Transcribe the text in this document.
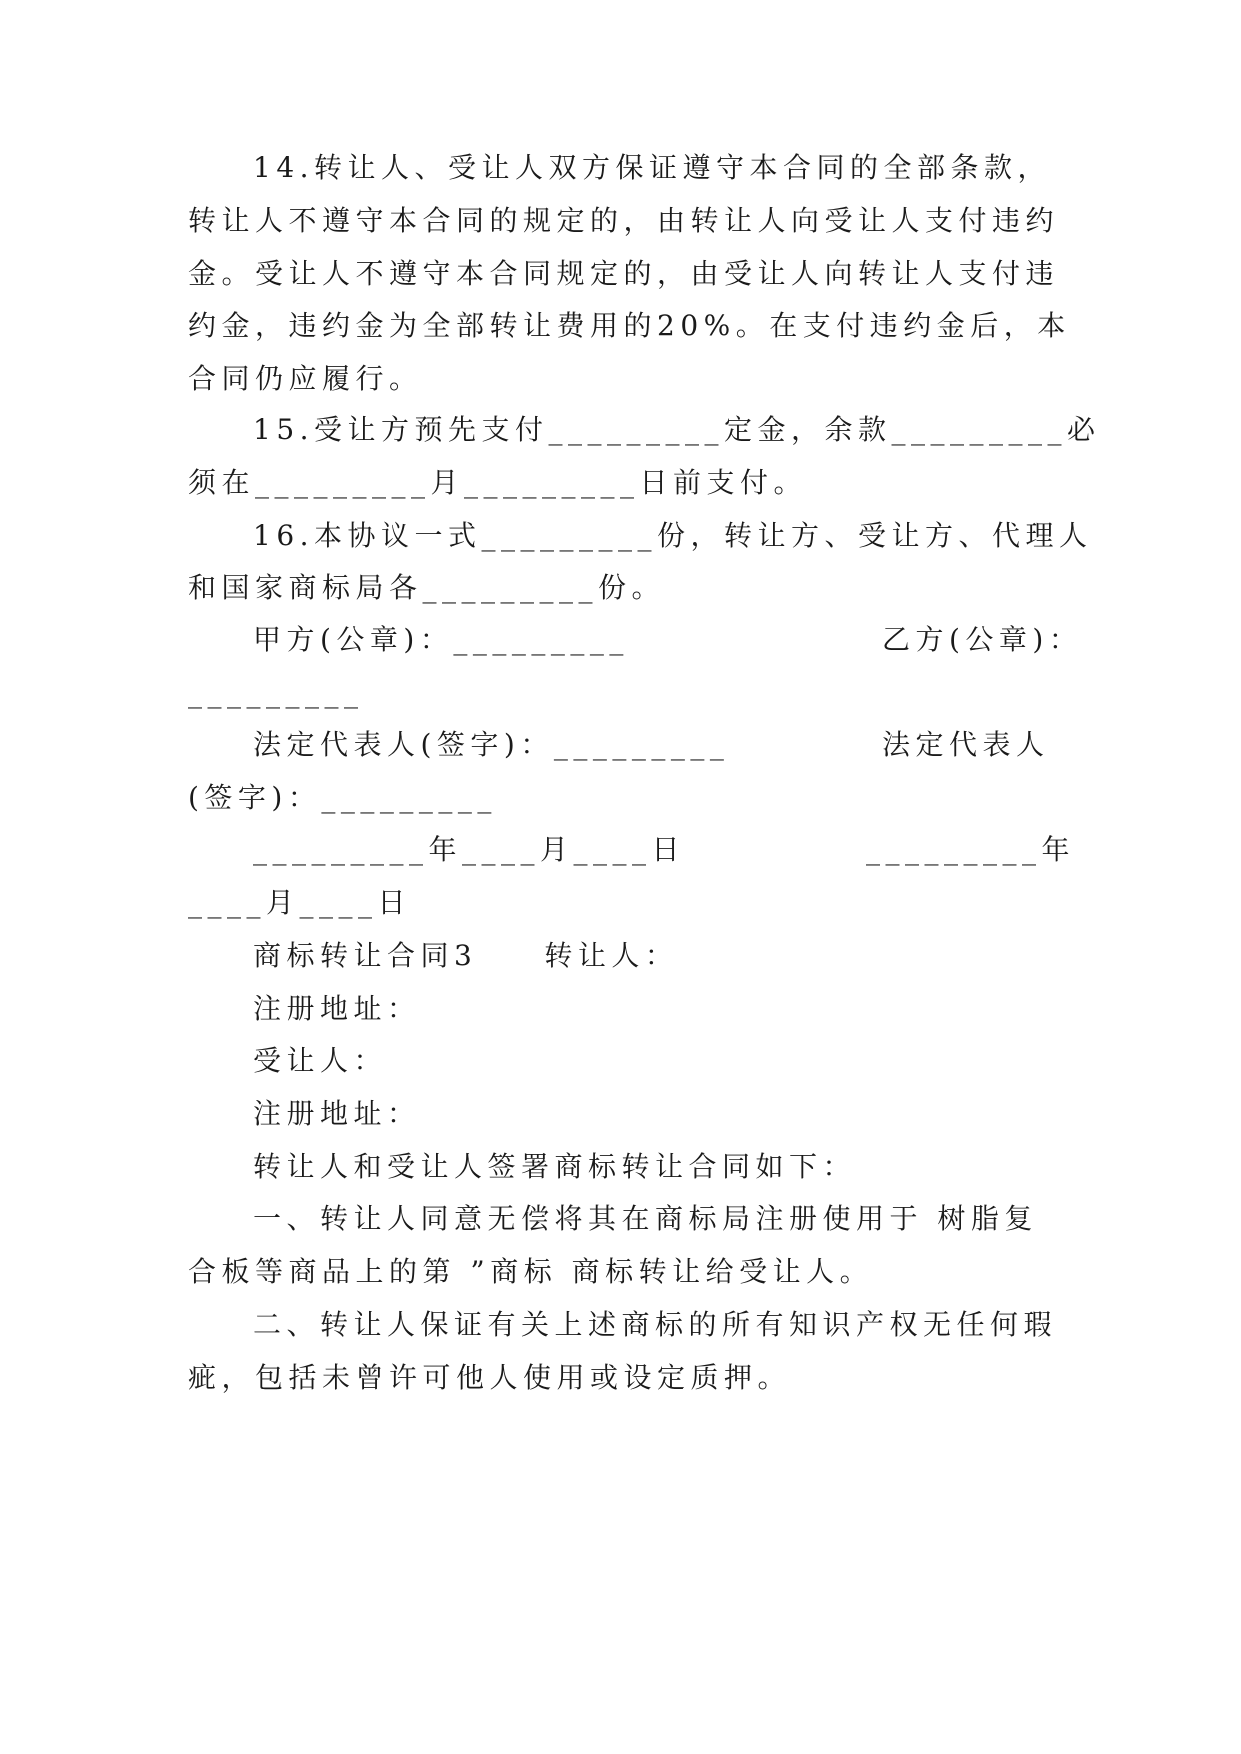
14.转让人、受让人双方保证遵守本合同的全部条款，
转让人不遵守本合同的规定的，由转让人向受让人支付违约
金。受让人不遵守本合同规定的，由受让人向转让人支付违
约金，违约金为全部转让费用的20%。在支付违约金后，本
合同仍应履行。
15.受让方预先支付_________定金，余款_________必
须在_________月_________日前支付。
16.本协议一式_________份，转让方、受让方、代理人
和国家商标局各_________份。
甲方(公章)：_________	乙方(公章)：
_________
法定代表人(签字)：_________	法定代表人
(签字)：_________
_________年____月____日	_________年
____月____日
商标转让合同3　　转让人：
注册地址：
受让人：
注册地址：
转让人和受让人签署商标转让合同如下：
一、转让人同意无偿将其在商标局注册使用于 树脂复
合板等商品上的第 ”商标 商标转让给受让人。
二、转让人保证有关上述商标的所有知识产权无任何瑕
疵，包括未曾许可他人使用或设定质押。
